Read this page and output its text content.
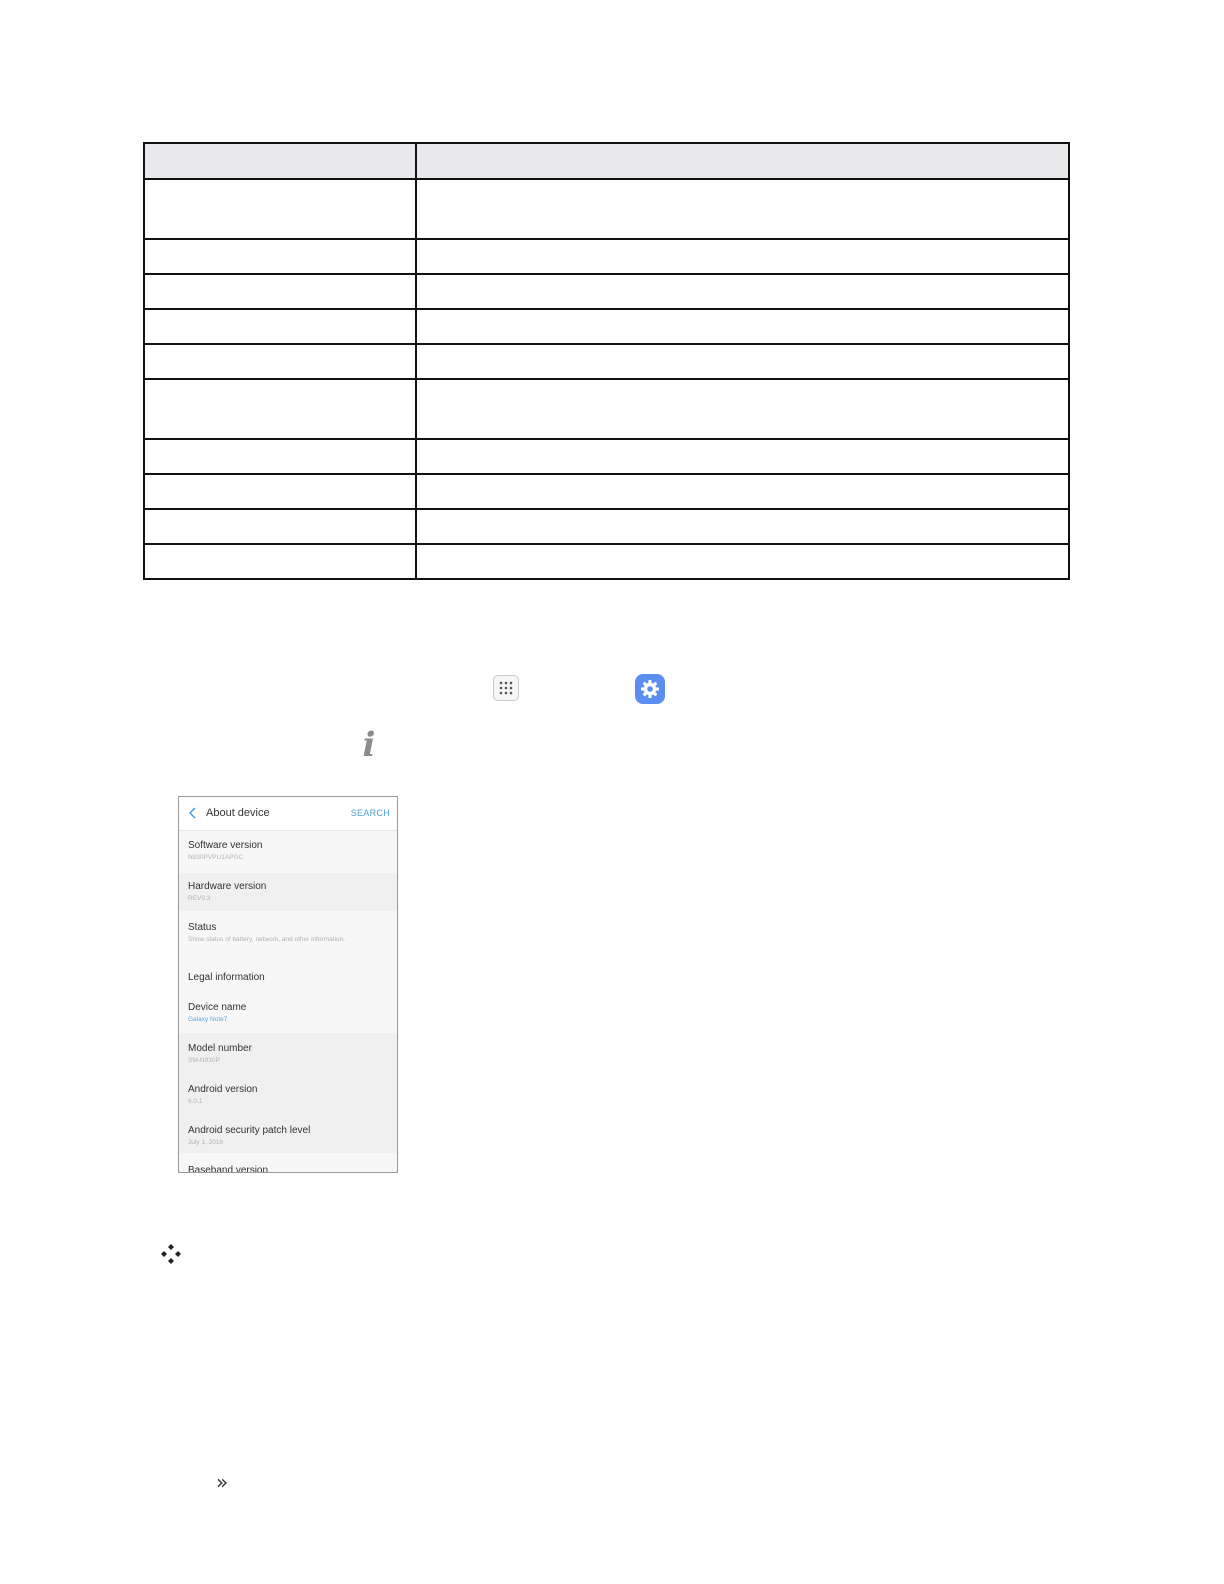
i
About device	SEARCH
Software version
N930PVPU1APGC
Hardware version
REV0.3
Status
Show status of battery, network, and other information.
Legal information
Device name
Galaxy Note7
Model number
SM-N930P
Android version
6.0.1
Android security patch level
July 1, 2016
Baseband version
»
